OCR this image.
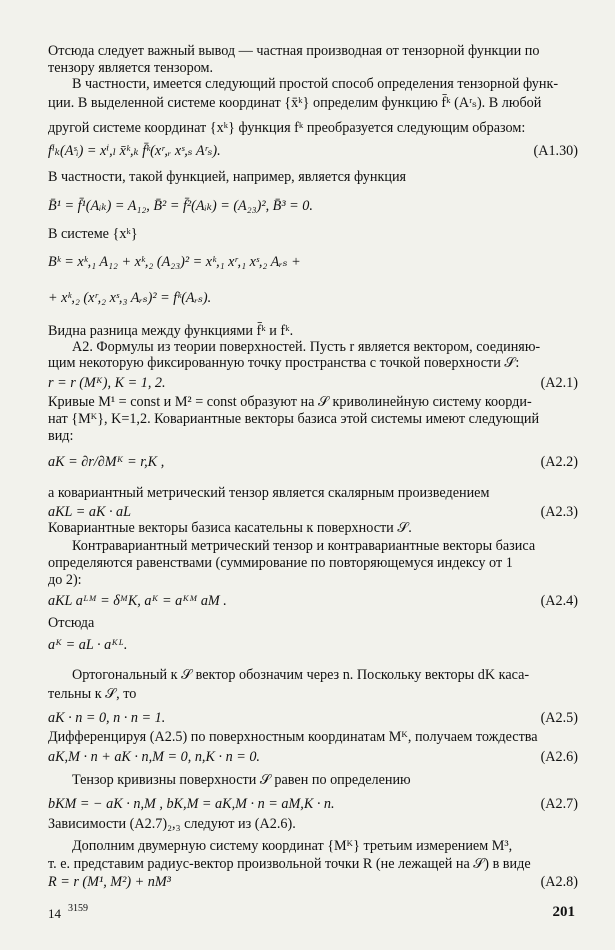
Отсюда следует важный вывод — частная производная от тензорной функции по
тензору является тензором.
В частности, имеется следующий простой способ определения тензорной функ-
ции. В выделенной системе координат {x̄ᵏ} определим функцию f̄ᵏ (Aʳₛ). В любой
другой системе координат {xᵏ} функция fᵏ преобразуется следующим образом:
fⁱₖ(Aˢᵢ) = xⁱ,ₗ x̄ᵏ,ₖ f̄ᵏ(xʳ,ᵣ xˢ,ₛ Aʳₛ).	(A1.30)
В частности, такой функцией, например, является функция
B̄¹ = f̄¹(Aᵢₖ) = A₁₂, B̄² = f̄²(Aᵢₖ) = (A₂₃)², B̄³ = 0.
В системе {xᵏ}
Bᵏ = xᵏ,₁ A₁₂ + xᵏ,₂ (A₂₃)² = xᵏ,₁ xʳ,₁ xˢ,₂ Aᵣₛ +
+ xᵏ,₂ (xʳ,₂ xˢ,₃ Aᵣₛ)² = fᵏ(Aᵣₛ).
Видна разница между функциями f̄ᵏ и fᵏ.
A2. Формулы из теории поверхностей. Пусть r является вектором, соединяю-
щим некоторую фиксированную точку пространства с точкой поверхности 𝒮:
r = r (Mᴷ), K = 1, 2.	(A2.1)
Кривые M¹ = const и M² = const образуют на 𝒮 криволинейную систему коорди-
нат {Mᴷ}, K=1,2. Ковариантные векторы базиса этой системы имеют следующий
вид:
aK = ∂r/∂Mᴷ = r,K ,	(A2.2)
а ковариантный метрический тензор является скалярным произведением
aKL = aK · aL	(A2.3)
Ковариантные векторы базиса касательны к поверхности 𝒮.
Контравариантный метрический тензор и контравариантные векторы базиса
определяются равенствами (суммирование по повторяющемуся индексу от 1
до 2):
aKL aᴸᴹ = δᴹK, aᴷ = aᴷᴹ aM .	(A2.4)
Отсюда
aᴷ = aL · aᴷᴸ.
Ортогональный к 𝒮 вектор обозначим через n. Поскольку векторы dK каса-
тельны к 𝒮, то
aK · n = 0, n · n = 1.	(A2.5)
Дифференцируя (A2.5) по поверхностным координатам Mᴷ, получаем тождества
aK,M · n + aK · n,M = 0, n,K · n = 0.	(A2.6)
Тензор кривизны поверхности 𝒮 равен по определению
bKM = − aK · n,M , bK,M = aK,M · n = aM,K · n.	(A2.7)
Зависимости (A2.7)₂,₃ следуют из (A2.6).
Дополним двумерную систему координат {Mᴷ} третьим измерением M³,
т. е. представим радиус-вектор произвольной точки R (не лежащей на 𝒮) в виде
R = r (M¹, M²) + nM³	(A2.8)
14 3159	201
